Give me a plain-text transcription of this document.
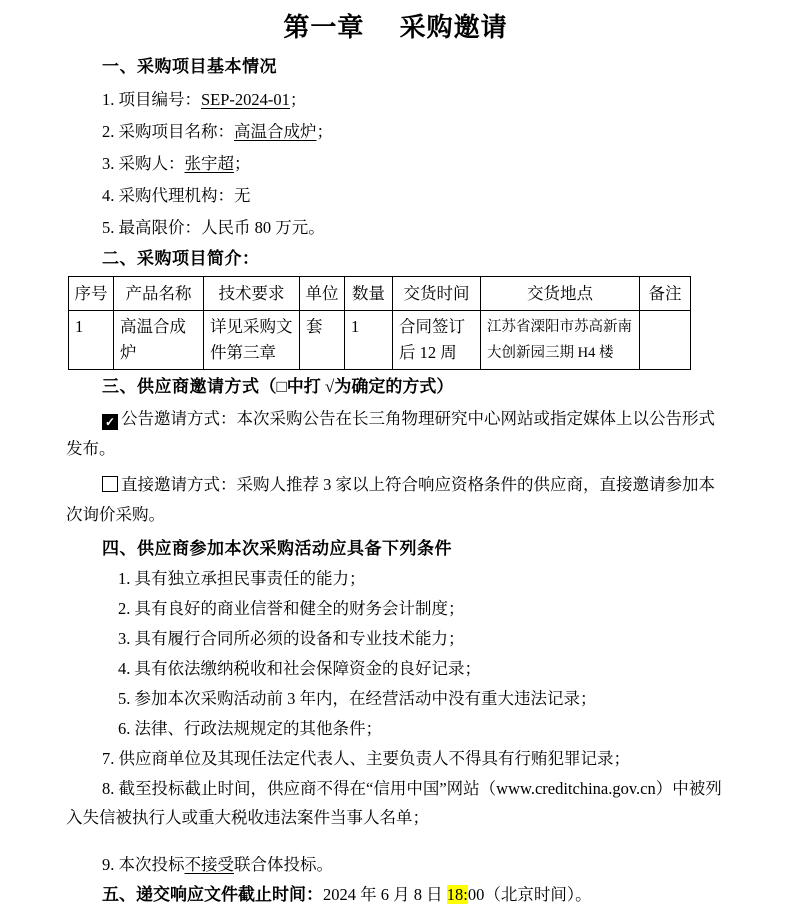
第一章　 采购邀请
一、采购项目基本情况
1. 项目编号：SEP-2024-01；
2. 采购项目名称：高温合成炉；
3. 采购人：张宇超；
4. 采购代理机构：无
5. 最高限价：人民币 80 万元。
二、采购项目简介：
序号	产品名称	技术要求	单位	数量	交货时间	交货地点	备注
1	高温合成炉	详见采购文件第三章	套	1	合同签订后 12 周	江苏省溧阳市苏高新南大创新园三期 H4 楼	
三、供应商邀请方式（□中打 √为确定的方式）
✓ 公告邀请方式：本次采购公告在长三角物理研究中心网站或指定媒体上以公告形式发布。
直接邀请方式：采购人推荐 3 家以上符合响应资格条件的供应商，直接邀请参加本次询价采购。
四、供应商参加本次采购活动应具备下列条件
1. 具有独立承担民事责任的能力；
2. 具有良好的商业信誉和健全的财务会计制度；
3. 具有履行合同所必须的设备和专业技术能力；
4. 具有依法缴纳税收和社会保障资金的良好记录；
5. 参加本次采购活动前 3 年内，在经营活动中没有重大违法记录；
6. 法律、行政法规规定的其他条件；
7. 供应商单位及其现任法定代表人、主要负责人不得具有行贿犯罪记录；
8. 截至投标截止时间，供应商不得在“信用中国”网站（www.creditchina.gov.cn）中被列入失信被执行人或重大税收违法案件当事人名单；
9. 本次投标不接受联合体投标。
五、递交响应文件截止时间：2024 年 6 月 8 日 18:00（北京时间）。
